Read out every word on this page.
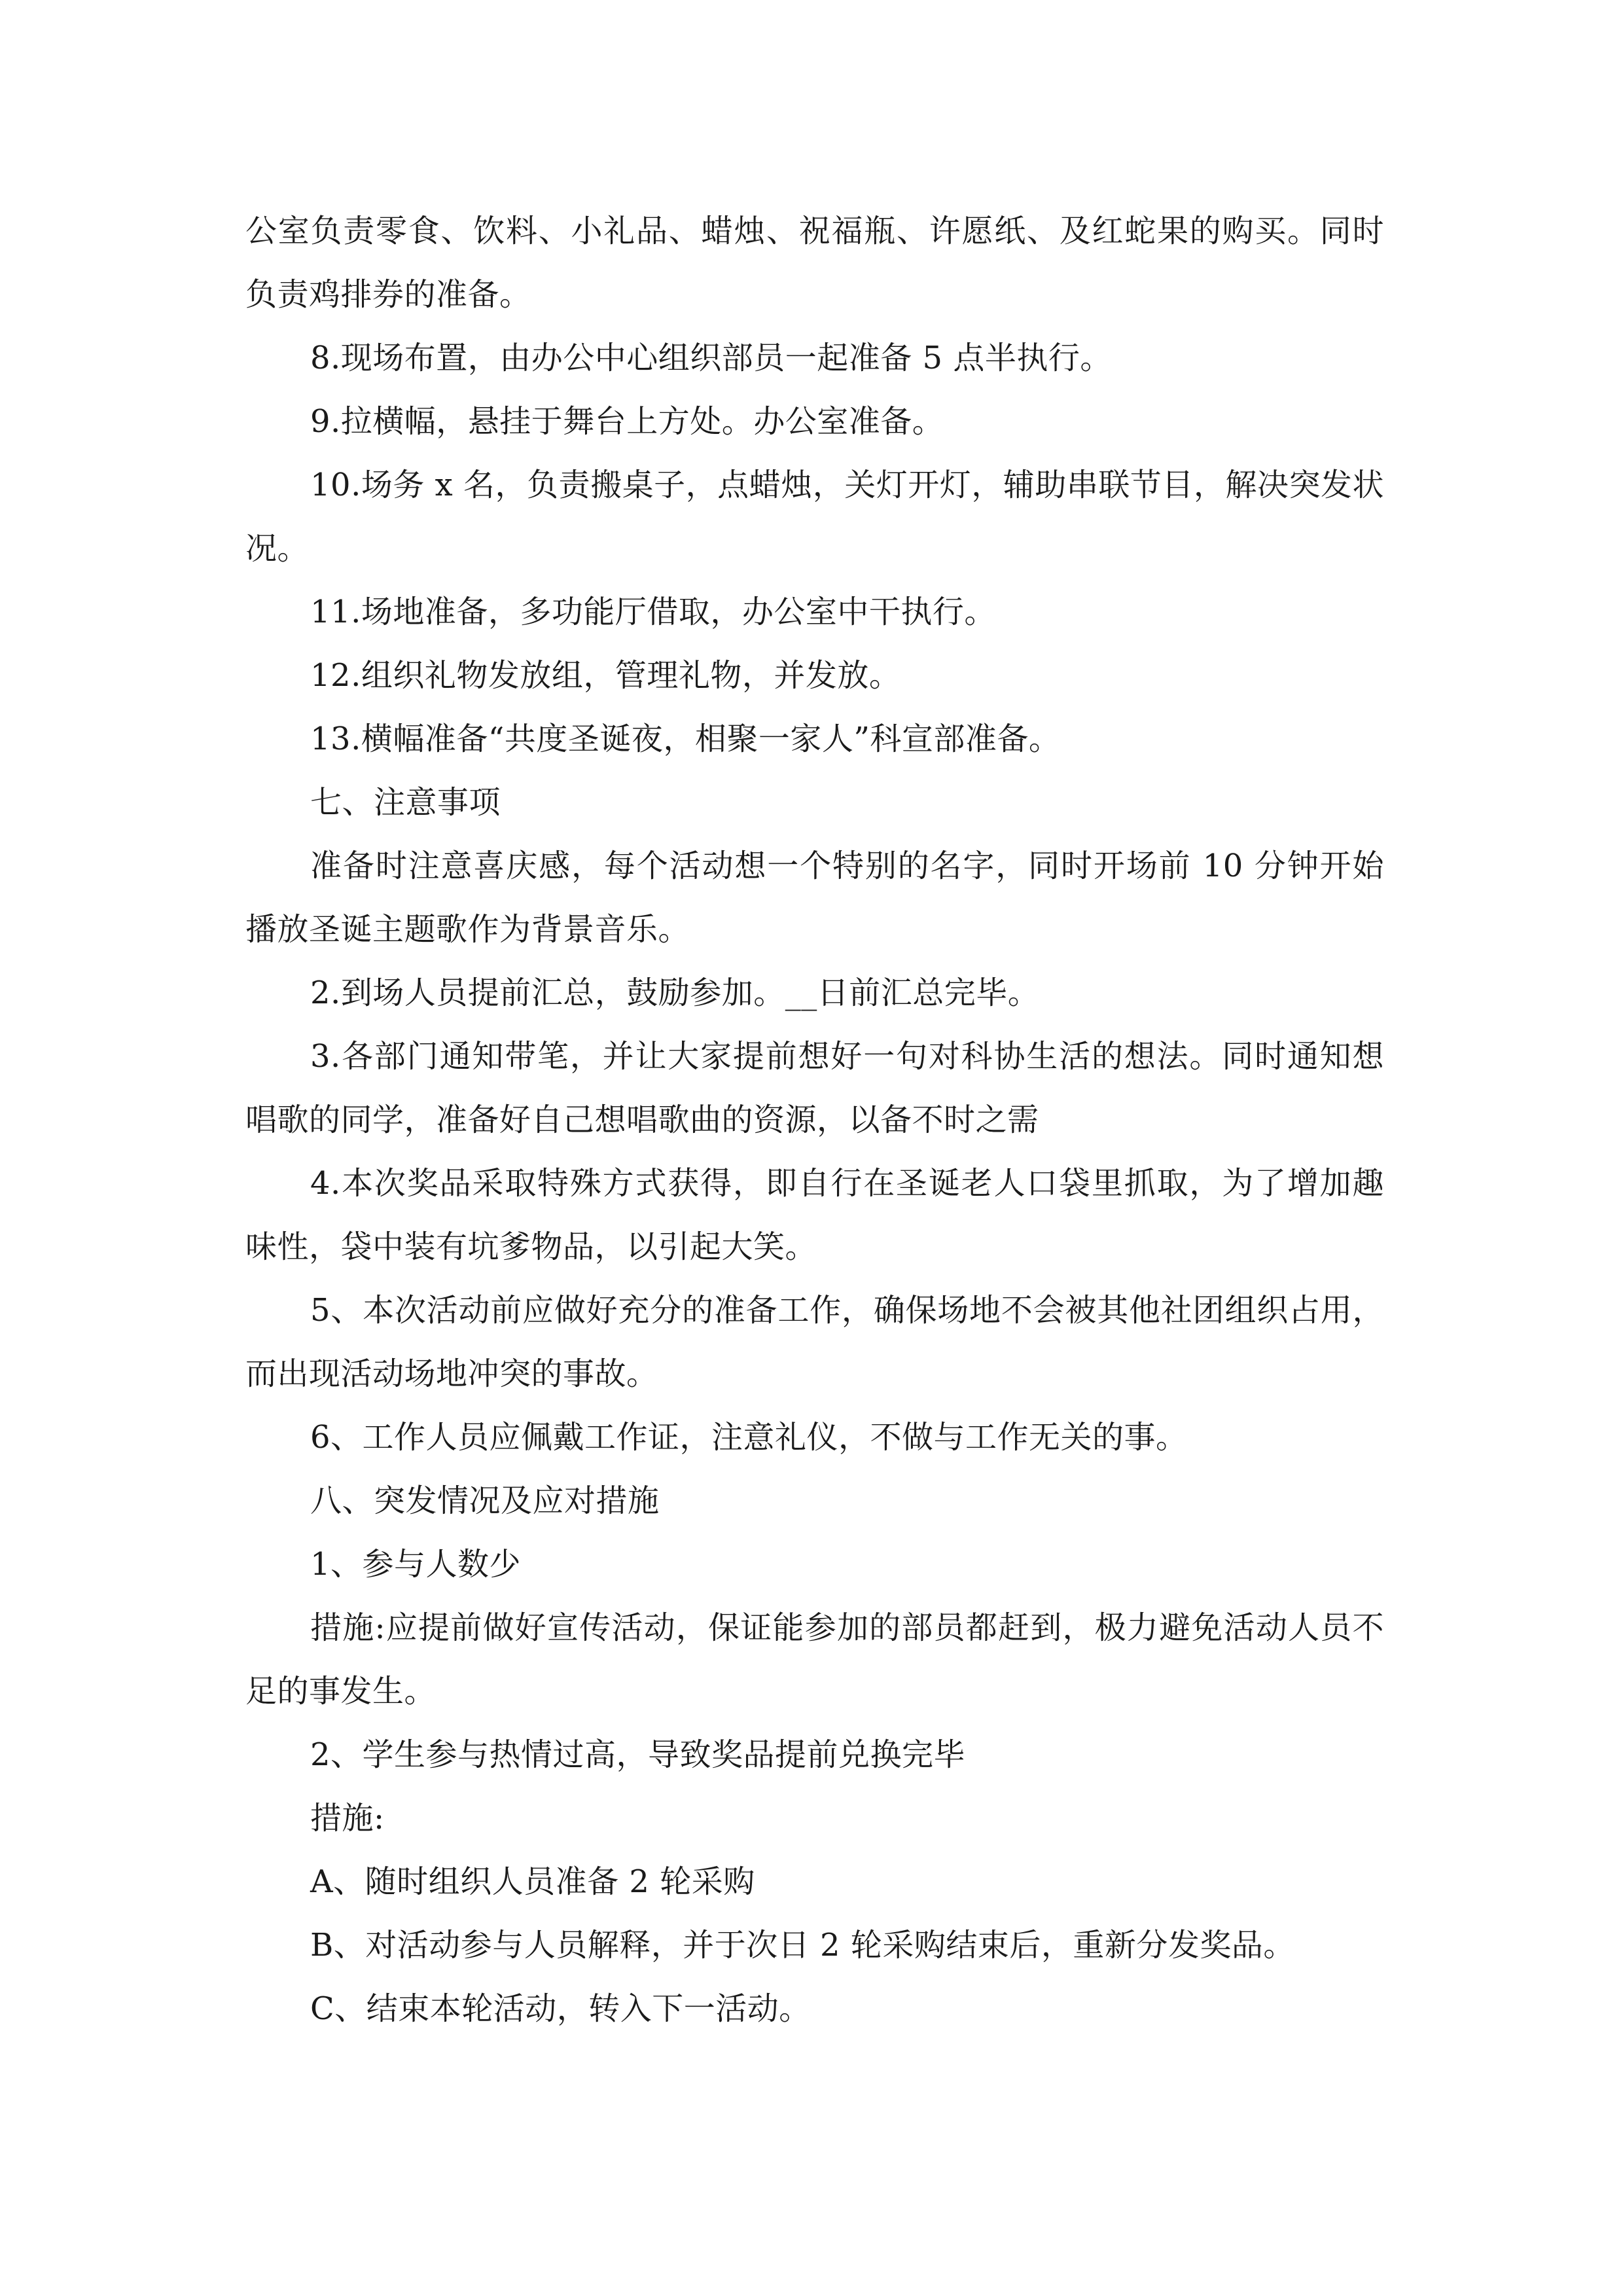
公室负责零食、饮料、小礼品、蜡烛、祝福瓶、许愿纸、及红蛇果的购买。同时负责鸡排券的准备。

8.现场布置，由办公中心组织部员一起准备 5 点半执行。

9.拉横幅，悬挂于舞台上方处。办公室准备。

10.场务 x 名，负责搬桌子，点蜡烛，关灯开灯，辅助串联节目，解决突发状况。

11.场地准备，多功能厅借取，办公室中干执行。

12.组织礼物发放组，管理礼物，并发放。

13.横幅准备“共度圣诞夜，相聚一家人”科宣部准备。

七、注意事项

准备时注意喜庆感，每个活动想一个特别的名字，同时开场前 10 分钟开始播放圣诞主题歌作为背景音乐。

2.到场人员提前汇总，鼓励参加。__日前汇总完毕。

3.各部门通知带笔，并让大家提前想好一句对科协生活的想法。同时通知想唱歌的同学，准备好自己想唱歌曲的资源，以备不时之需

4.本次奖品采取特殊方式获得，即自行在圣诞老人口袋里抓取，为了增加趣味性，袋中装有坑爹物品，以引起大笑。

5、本次活动前应做好充分的准备工作，确保场地不会被其他社团组织占用，而出现活动场地冲突的事故。

6、工作人员应佩戴工作证，注意礼仪，不做与工作无关的事。

八、突发情况及应对措施

1、参与人数少

措施:应提前做好宣传活动，保证能参加的部员都赶到，极力避免活动人员不足的事发生。

2、学生参与热情过高，导致奖品提前兑换完毕

措施:

A、随时组织人员准备 2 轮采购

B、对活动参与人员解释，并于次日 2 轮采购结束后，重新分发奖品。

C、结束本轮活动，转入下一活动。
